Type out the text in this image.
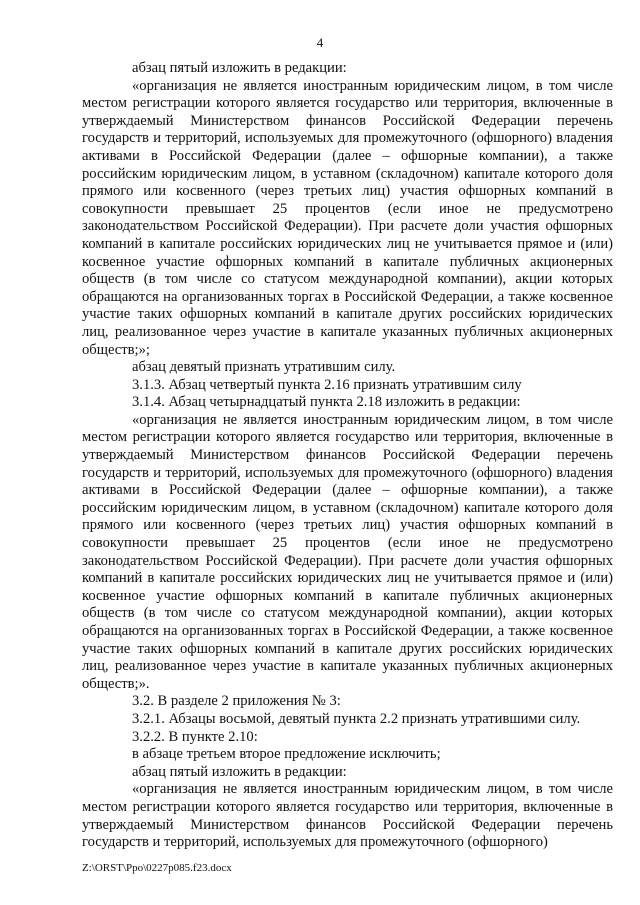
4

абзац пятый изложить в редакции:

«организация не является иностранным юридическим лицом, в том числе местом регистрации которого является государство или территория, включенные в утверждаемый Министерством финансов Российской Федерации перечень государств и территорий, используемых для промежуточного (офшорного) владения активами в Российской Федерации (далее – офшорные компании), а также российским юридическим лицом, в уставном (складочном) капитале которого доля прямого или косвенного (через третьих лиц) участия офшорных компаний в совокупности превышает 25 процентов (если иное не предусмотрено законодательством Российской Федерации). При расчете доли участия офшорных компаний в капитале российских юридических лиц не учитывается прямое и (или) косвенное участие офшорных компаний в капитале публичных акционерных обществ (в том числе со статусом международной компании), акции которых обращаются на организованных торгах в Российской Федерации, а также косвенное участие таких офшорных компаний в капитале других российских юридических лиц, реализованное через участие в капитале указанных публичных акционерных обществ;»;

абзац девятый признать утратившим силу.

3.1.3. Абзац четвертый пункта 2.16 признать утратившим силу

3.1.4. Абзац четырнадцатый пункта 2.18 изложить в редакции:

«организация не является иностранным юридическим лицом, в том числе местом регистрации которого является государство или территория, включенные в утверждаемый Министерством финансов Российской Федерации перечень государств и территорий, используемых для промежуточного (офшорного) владения активами в Российской Федерации (далее – офшорные компании), а также российским юридическим лицом, в уставном (складочном) капитале которого доля прямого или косвенного (через третьих лиц) участия офшорных компаний в совокупности превышает 25 процентов (если иное не предусмотрено законодательством Российской Федерации). При расчете доли участия офшорных компаний в капитале российских юридических лиц не учитывается прямое и (или) косвенное участие офшорных компаний в капитале публичных акционерных обществ (в том числе со статусом международной компании), акции которых обращаются на организованных торгах в Российской Федерации, а также косвенное участие таких офшорных компаний в капитале других российских юридических лиц, реализованное через участие в капитале указанных публичных акционерных обществ;».

3.2. В разделе 2 приложения № 3:

3.2.1. Абзацы восьмой, девятый пункта 2.2 признать утратившими силу.

3.2.2. В пункте 2.10:

в абзаце третьем второе предложение исключить;

абзац пятый изложить в редакции:

«организация не является иностранным юридическим лицом, в том числе местом регистрации которого является государство или территория, включенные в утверждаемый Министерством финансов Российской Федерации перечень государств и территорий, используемых для промежуточного (офшорного)

Z:\ORST\Ppo\0227p085.f23.docx
